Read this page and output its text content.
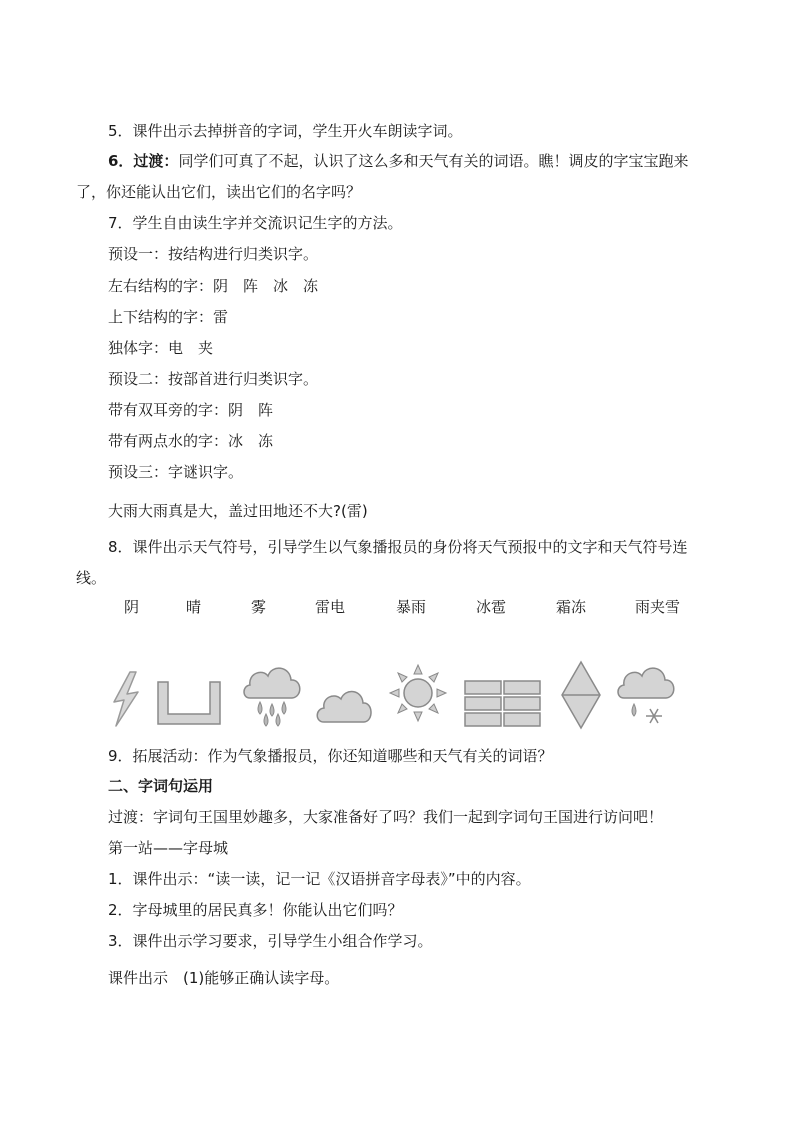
5．课件出示去掉拼音的字词，学生开火车朗读字词。
6．过渡：同学们可真了不起，认识了这么多和天气有关的词语。瞧！调皮的字宝宝跑来
了，你还能认出它们，读出它们的名字吗？
7．学生自由读生字并交流识记生字的方法。
预设一：按结构进行归类识字。
左右结构的字：阴　阵　冰　冻
上下结构的字：雷
独体字：电　夹
预设二：按部首进行归类识字。
带有双耳旁的字：阴　阵
带有两点水的字：冰　冻
预设三：字谜识字。
大雨大雨真是大，盖过田地还不大?(雷)
8．课件出示天气符号，引导学生以气象播报员的身份将天气预报中的文字和天气符号连
线。
阴	晴	雾	雷电	暴雨	冰雹	霜冻	雨夹雪
9．拓展活动：作为气象播报员，你还知道哪些和天气有关的词语？
二、字词句运用
过渡：字词句王国里妙趣多，大家准备好了吗？我们一起到字词句王国进行访问吧！
第一站——字母城
1．课件出示：“读一读，记一记《汉语拼音字母表》”中的内容。
2．字母城里的居民真多！你能认出它们吗？
3．课件出示学习要求，引导学生小组合作学习。
课件出示　(1)能够正确认读字母。
